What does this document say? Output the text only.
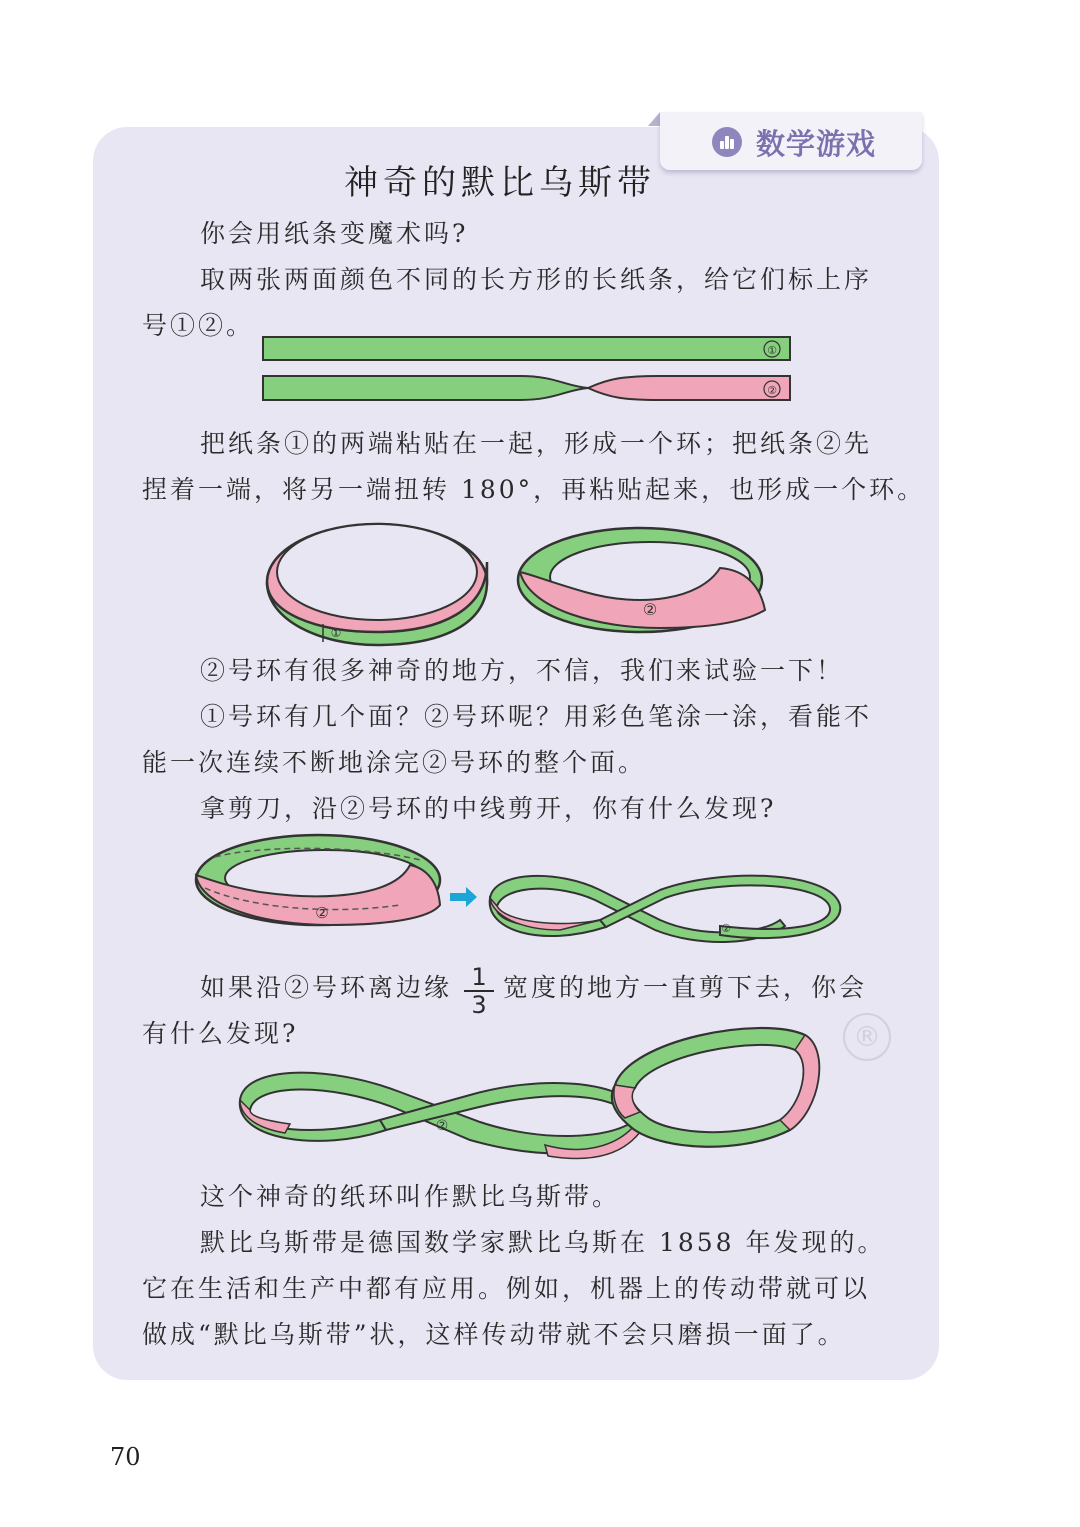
数学游戏
神奇的默比乌斯带
你会用纸条变魔术吗?
取两张两面颜色不同的长方形的长纸条，给它们标上序
号①②。
把纸条①的两端粘贴在一起，形成一个环；把纸条②先
捏着一端，将另一端扭转 180°，再粘贴起来，也形成一个环。
②号环有很多神奇的地方，不信，我们来试验一下！
①号环有几个面？②号环呢？用彩色笔涂一涂，看能不
能一次连续不断地涂完②号环的整个面。
拿剪刀，沿②号环的中线剪开，你有什么发现?
如果沿②号环离边缘 1
3
宽度的地方一直剪下去，你会
有什么发现?
这个神奇的纸环叫作默比乌斯带。
默比乌斯带是德国数学家默比乌斯在 1858 年发现的。
它在生活和生产中都有应用。例如，机器上的传动带就可以
做成“默比乌斯带”状，这样传动带就不会只磨损一面了。
®
①
②
①
②
②
②
②
70
